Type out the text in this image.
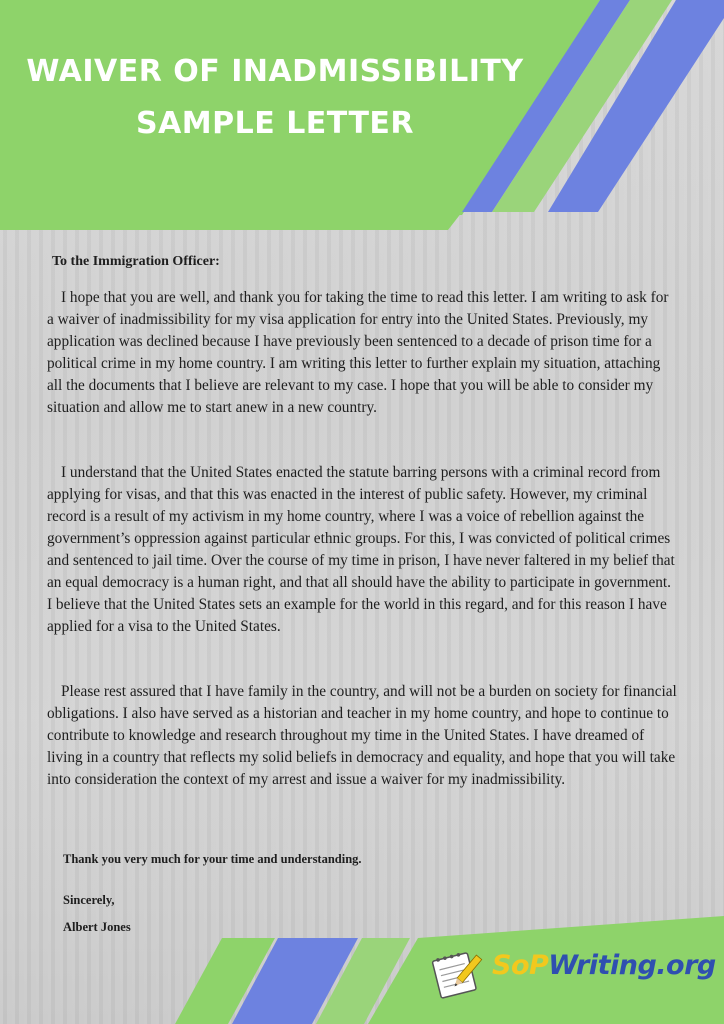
WAIVER OF INADMISSIBILITY
SAMPLE LETTER

To the Immigration Officer:

I hope that you are well, and thank you for taking the time to read this letter. I am writing to ask for a waiver of inadmissibility for my visa application for entry into the United States. Previously, my application was declined because I have previously been sentenced to a decade of prison time for a political crime in my home country. I am writing this letter to further explain my situation, attaching all the documents that I believe are relevant to my case. I hope that you will be able to consider my situation and allow me to start anew in a new country.

I understand that the United States enacted the statute barring persons with a criminal record from applying for visas, and that this was enacted in the interest of public safety. However, my criminal record is a result of my activism in my home country, where I was a voice of rebellion against the government’s oppression against particular ethnic groups. For this, I was convicted of political crimes and sentenced to jail time. Over the course of my time in prison, I have never faltered in my belief that an equal democracy is a human right, and that all should have the ability to participate in government. I believe that the United States sets an example for the world in this regard, and for this reason I have applied for a visa to the United States.

Please rest assured that I have family in the country, and will not be a burden on society for financial obligations. I also have served as a historian and teacher in my home country, and hope to continue to contribute to knowledge and research throughout my time in the United States. I have dreamed of living in a country that reflects my solid beliefs in democracy and equality, and hope that you will take into consideration the context of my arrest and issue a waiver for my inadmissibility.

Thank you very much for your time and understanding.

Sincerely,

Albert Jones

SoPWriting.org
